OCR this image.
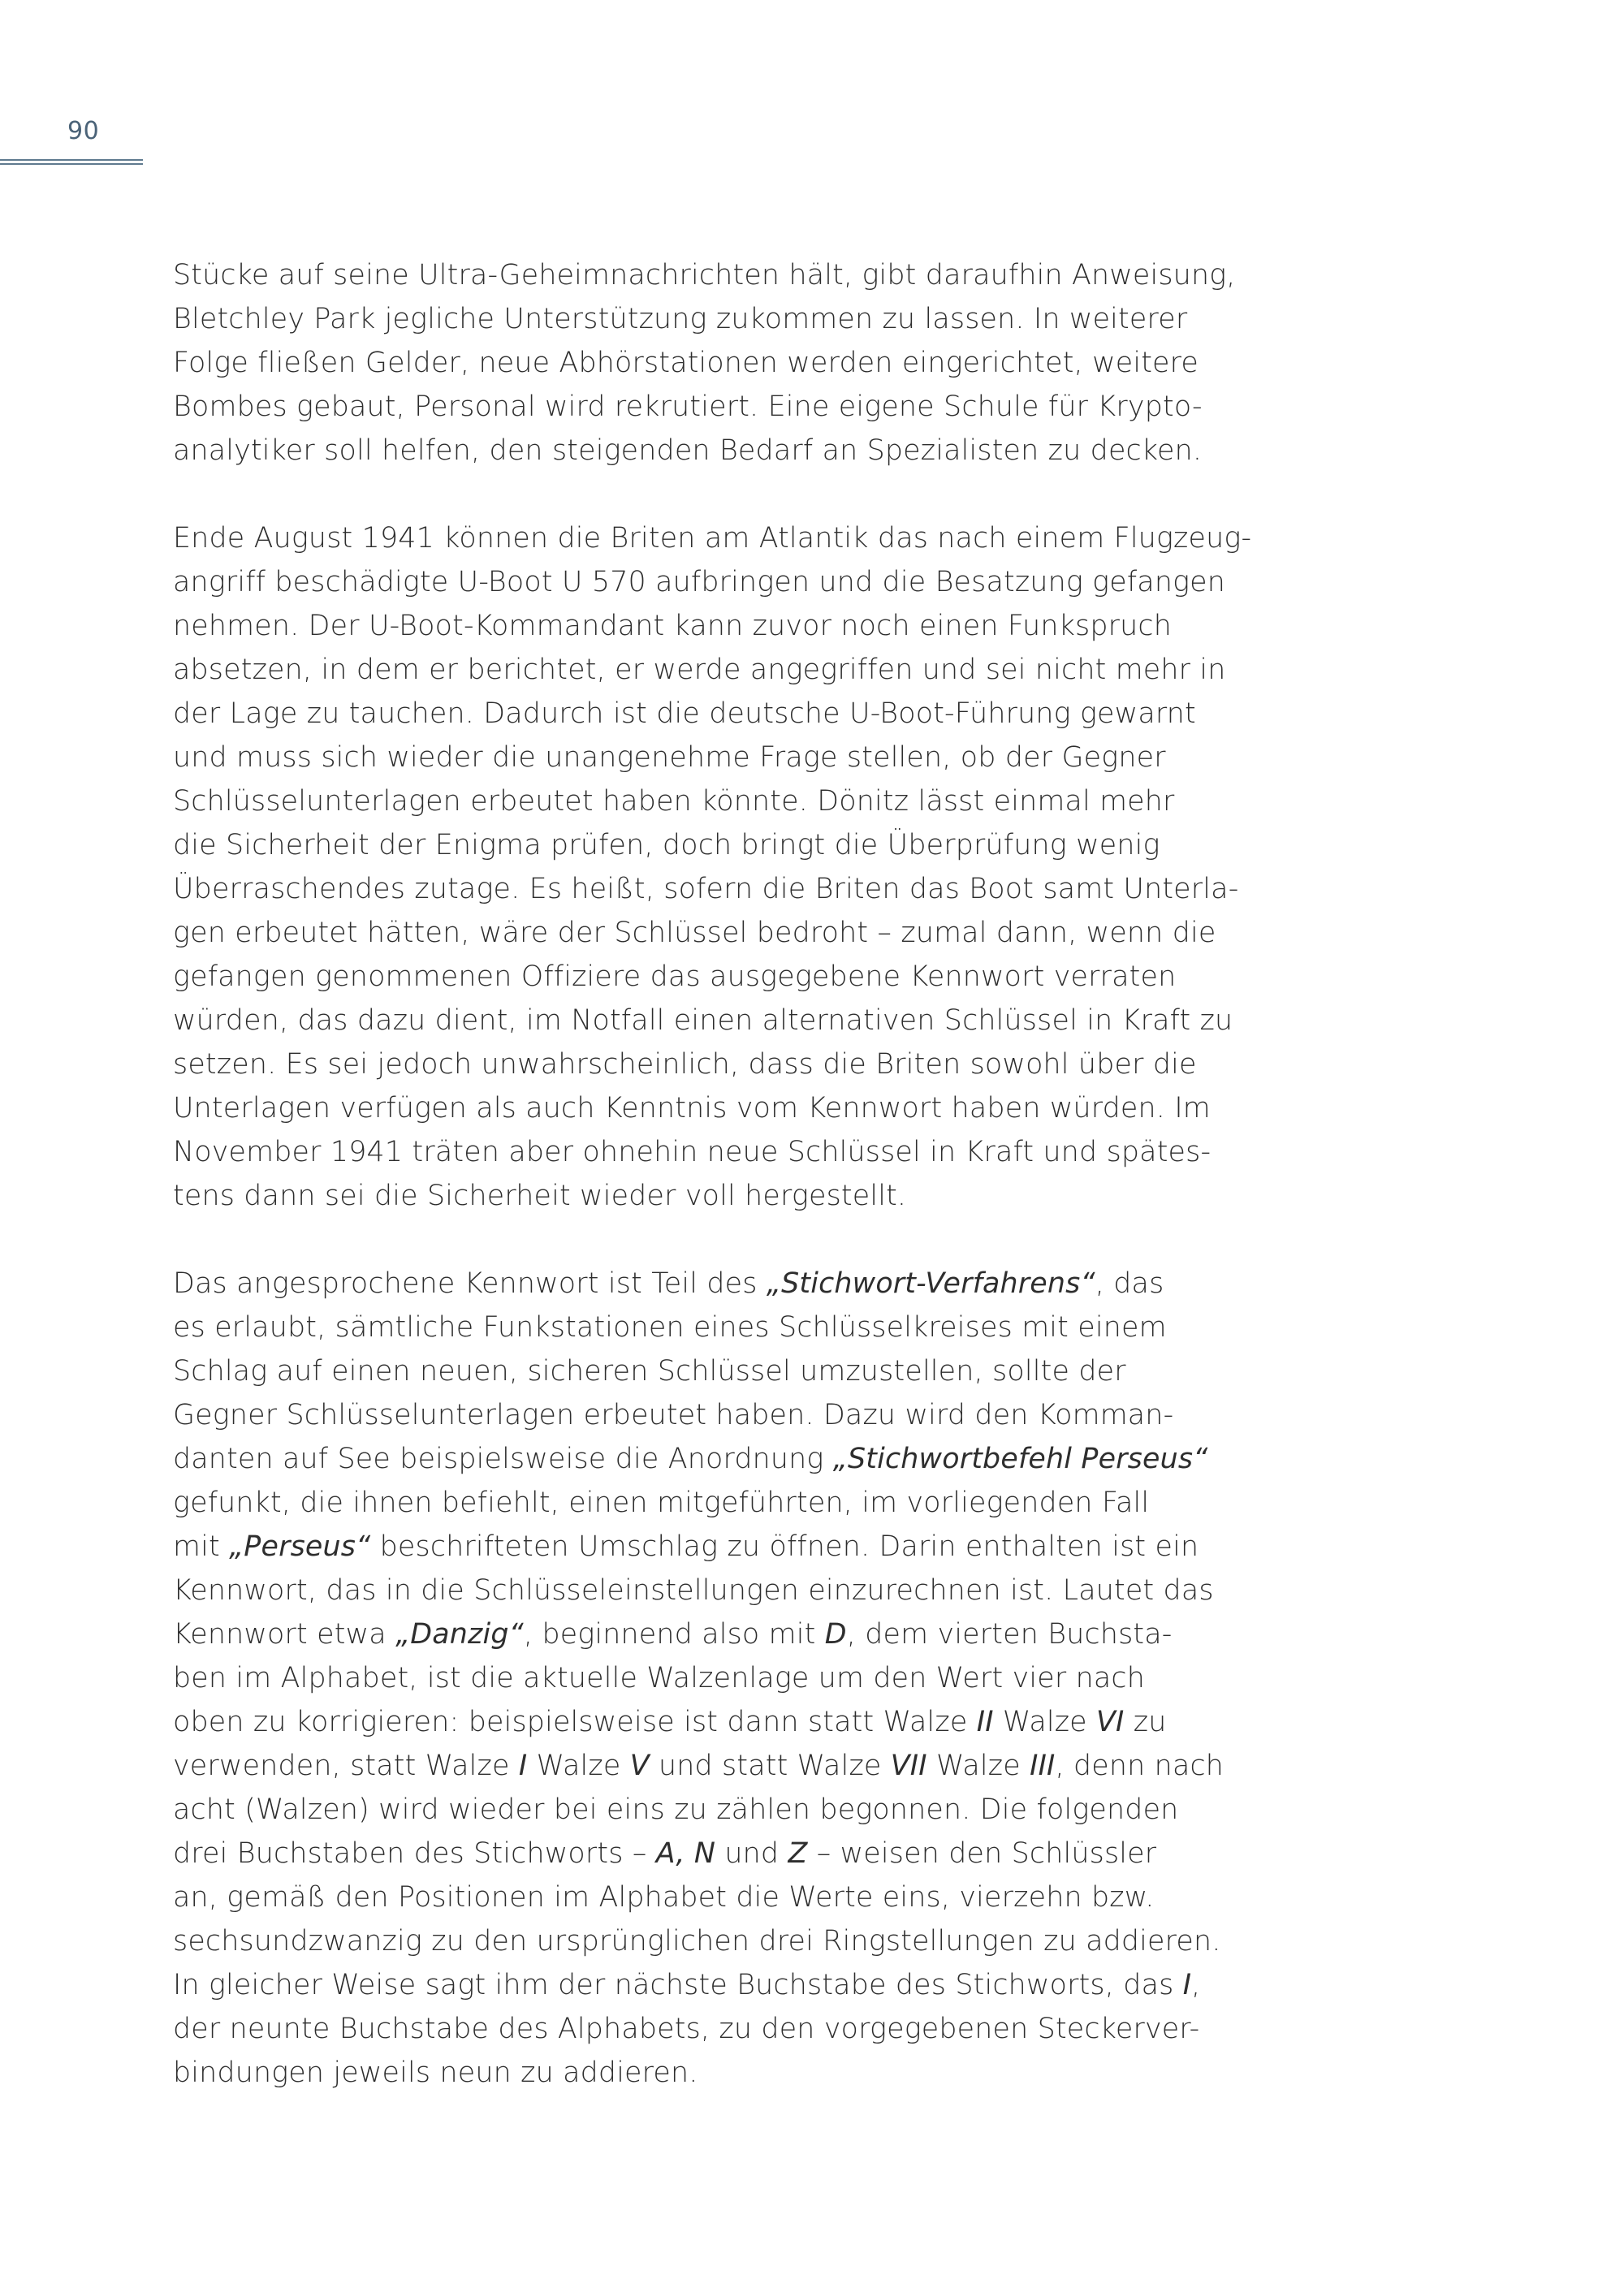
90

Stücke auf seine Ultra-Geheimnachrichten hält, gibt daraufhin Anweisung,
Bletchley Park jegliche Unterstützung zukommen zu lassen. In weiterer
Folge fließen Gelder, neue Abhörstationen werden eingerichtet, weitere
Bombes gebaut, Personal wird rekrutiert. Eine eigene Schule für Krypto-
analytiker soll helfen, den steigenden Bedarf an Spezialisten zu decken.

Ende August 1941 können die Briten am Atlantik das nach einem Flugzeug-
angriff beschädigte U-Boot U 570 aufbringen und die Besatzung gefangen
nehmen. Der U-Boot-Kommandant kann zuvor noch einen Funkspruch
absetzen, in dem er berichtet, er werde angegriffen und sei nicht mehr in
der Lage zu tauchen. Dadurch ist die deutsche U-Boot-Führung gewarnt
und muss sich wieder die unangenehme Frage stellen, ob der Gegner
Schlüsselunterlagen erbeutet haben könnte. Dönitz lässt einmal mehr
die Sicherheit der Enigma prüfen, doch bringt die Überprüfung wenig
Überraschendes zutage. Es heißt, sofern die Briten das Boot samt Unterla-
gen erbeutet hätten, wäre der Schlüssel bedroht – zumal dann, wenn die
gefangen genommenen Offiziere das ausgegebene Kennwort verraten
würden, das dazu dient, im Notfall einen alternativen Schlüssel in Kraft zu
setzen. Es sei jedoch unwahrscheinlich, dass die Briten sowohl über die
Unterlagen verfügen als auch Kenntnis vom Kennwort haben würden. Im
November 1941 träten aber ohnehin neue Schlüssel in Kraft und spätes-
tens dann sei die Sicherheit wieder voll hergestellt.

Das angesprochene Kennwort ist Teil des „Stichwort-Verfahrens“, das
es erlaubt, sämtliche Funkstationen eines Schlüsselkreises mit einem
Schlag auf einen neuen, sicheren Schlüssel umzustellen, sollte der
Gegner Schlüsselunterlagen erbeutet haben. Dazu wird den Komman-
danten auf See beispielsweise die Anordnung „Stichwortbefehl Perseus“
gefunkt, die ihnen befiehlt, einen mitgeführten, im vorliegenden Fall
mit „Perseus“ beschrifteten Umschlag zu öffnen. Darin enthalten ist ein
Kennwort, das in die Schlüsseleinstellungen einzurechnen ist. Lautet das
Kennwort etwa „Danzig“, beginnend also mit D, dem vierten Buchsta-
ben im Alphabet, ist die aktuelle Walzenlage um den Wert vier nach
oben zu korrigieren: beispielsweise ist dann statt Walze II Walze VI zu
verwenden, statt Walze I Walze V und statt Walze VII Walze III, denn nach
acht (Walzen) wird wieder bei eins zu zählen begonnen. Die folgenden
drei Buchstaben des Stichworts – A, N und Z – weisen den Schlüssler
an, gemäß den Positionen im Alphabet die Werte eins, vierzehn bzw.
sechsundzwanzig zu den ursprünglichen drei Ringstellungen zu addieren.
In gleicher Weise sagt ihm der nächste Buchstabe des Stichworts, das I,
der neunte Buchstabe des Alphabets, zu den vorgegebenen Steckerver-
bindungen jeweils neun zu addieren.
